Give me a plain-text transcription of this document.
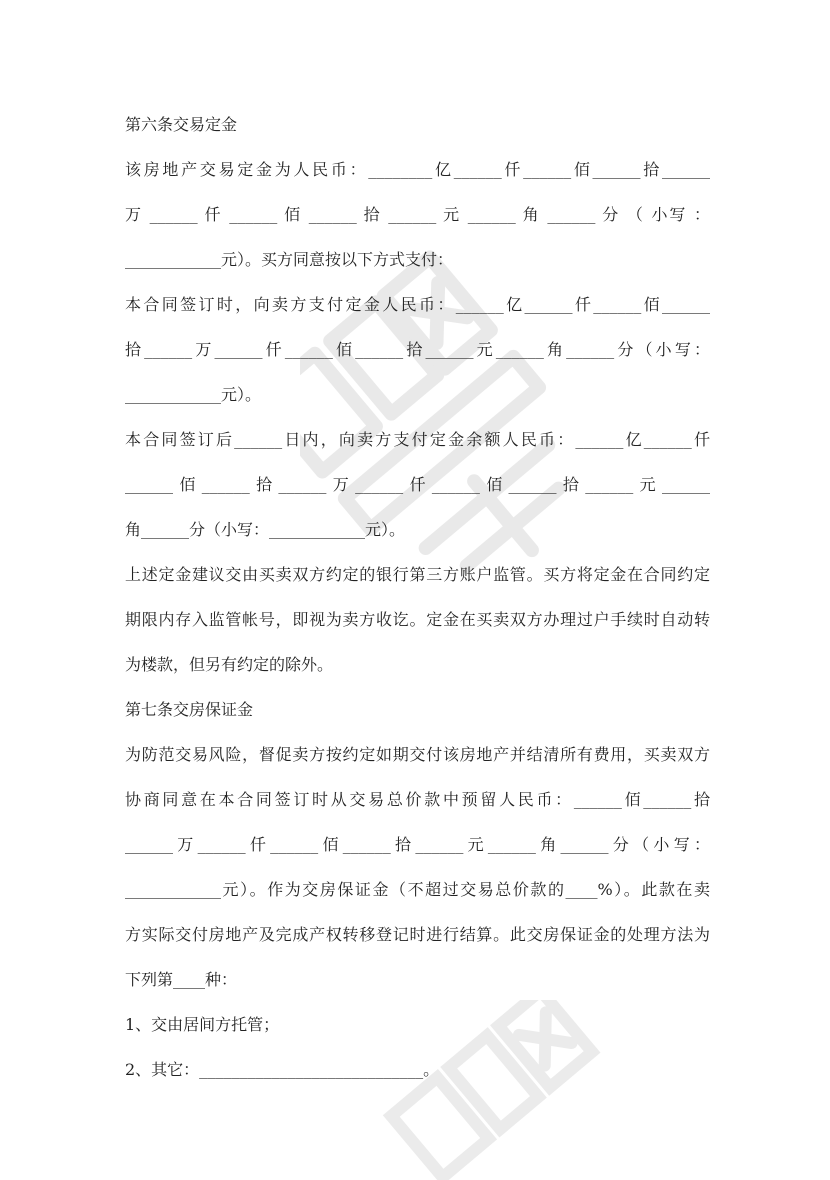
第六条交易定金
该房地产交易定金为人民币：________亿______仟______佰______拾______
万 ______ 仟 ______ 佰 ______ 拾 ______ 元 ______ 角 ______ 分 （ 小写 ：
____________元）。买方同意按以下方式支付：
本合同签订时，向卖方支付定金人民币：______亿______仟______佰______
拾______万______仟______佰______拾______元______角______分（小写：
____________元）。
本合同签订后______日内，向卖方支付定金余额人民币：______亿______仟
______佰______拾______万______仟______佰______拾______元______
角______分（小写：____________元）。
上述定金建议交由买卖双方约定的银行第三方账户监管。买方将定金在合同约定
期限内存入监管帐号，即视为卖方收讫。定金在买卖双方办理过户手续时自动转
为楼款，但另有约定的除外。
第七条交房保证金
为防范交易风险，督促卖方按约定如期交付该房地产并结清所有费用，买卖双方
协商同意在本合同签订时从交易总价款中预留人民币：______佰______拾
______万______仟______佰______拾______元______角______分（小写：
____________元）。作为交房保证金（不超过交易总价款的____%）。此款在卖
方实际交付房地产及完成产权转移登记时进行结算。此交房保证金的处理方法为
下列第____种：
1、交由居间方托管；
2、其它：____________________________。
